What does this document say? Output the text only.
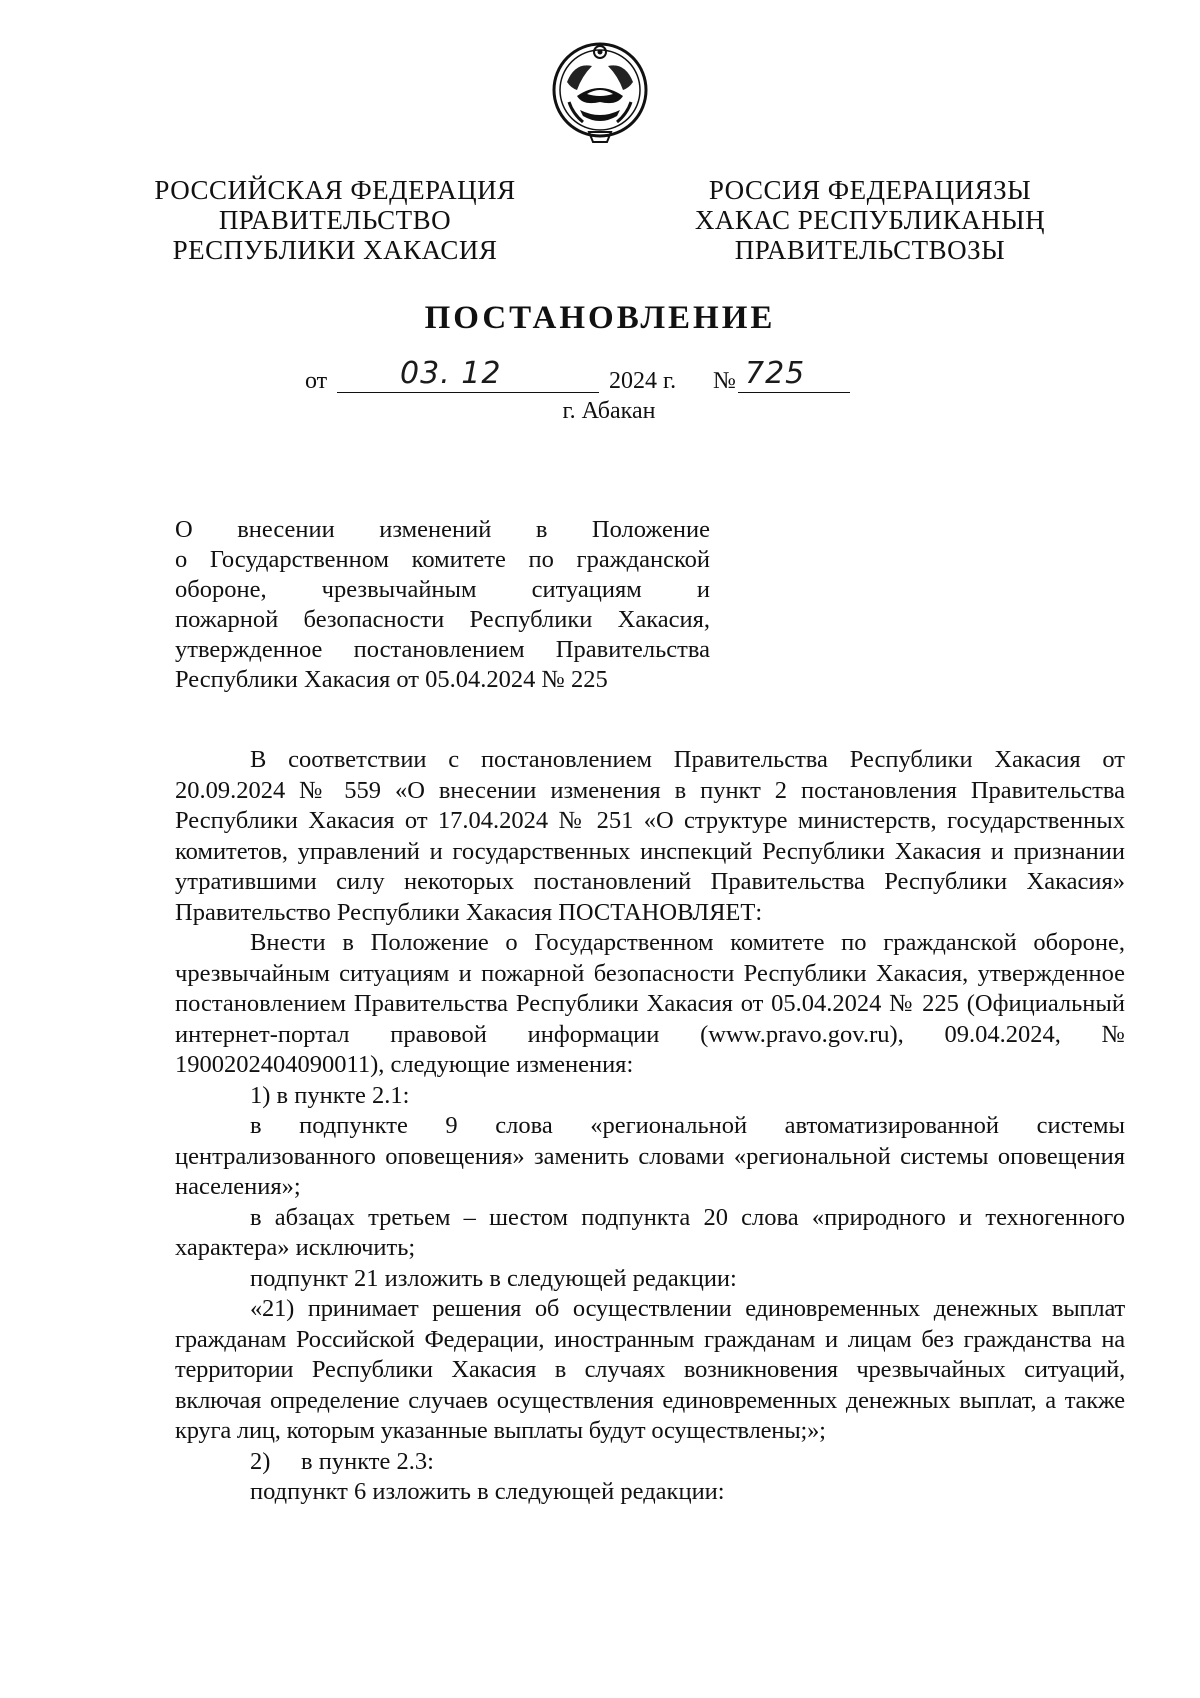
РОССИЙСКАЯ ФЕДЕРАЦИЯ
ПРАВИТЕЛЬСТВО
РЕСПУБЛИКИ ХАКАСИЯ
РОССИЯ ФЕДЕРАЦИЯЗЫ
ХАКАС РЕСПУБЛИКАНЫҢ
ПРАВИТЕЛЬСТВОЗЫ
ПОСТАНОВЛЕНИЕ
от 03. 12	2024 г. № 725
г. Абакан
О внесении изменений в Положение
о Государственном комитете по гражданской
обороне, чрезвычайным ситуациям и
пожарной безопасности Республики Хакасия,
утвержденное постановлением Правительства
Республики Хакасия от 05.04.2024 № 225

В соответствии с постановлением Правительства Республики Хакасия от 20.09.2024 № 559 «О внесении изменения в пункт 2 постановления Правительства Республики Хакасия от 17.04.2024 № 251 «О структуре министерств, государственных комитетов, управлений и государственных инспекций Республики Хакасия и признании утратившими силу некоторых постановлений Правительства Республики Хакасия» Правительство Республики Хакасия ПОСТАНОВЛЯЕТ:

Внести в Положение о Государственном комитете по гражданской обороне, чрезвычайным ситуациям и пожарной безопасности Республики Хакасия, утвержденное постановлением Правительства Республики Хакасия от 05.04.2024 № 225 (Официальный интернет-портал правовой информации (www.pravo.gov.ru), 09.04.2024, № 1900202404090011), следующие изменения:

1) в пункте 2.1:

в подпункте 9 слова «региональной автоматизированной системы централизованного оповещения» заменить словами «региональной системы оповещения населения»;

в абзацах третьем – шестом подпункта 20 слова «природного и техногенного характера» исключить;

подпункт 21 изложить в следующей редакции:

«21) принимает решения об осуществлении единовременных денежных выплат гражданам Российской Федерации, иностранным гражданам и лицам без гражданства на территории Республики Хакасия в случаях возникновения чрезвычайных ситуаций, включая определение случаев осуществления единовременных денежных выплат, а также круга лиц, которым указанные выплаты будут осуществлены;»;

2)     в пункте 2.3:

подпункт 6 изложить в следующей редакции:
